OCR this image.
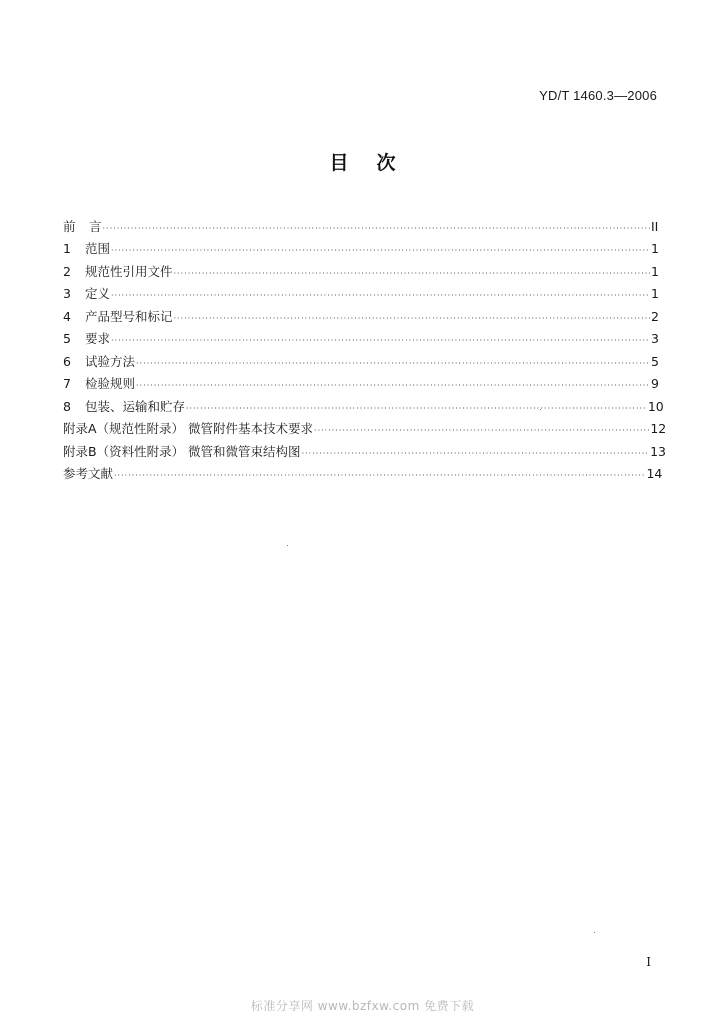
YD/T 1460.3—2006
目 次
前	言 ·····	II
1	范围 ·····	1
2	规范性引用文件 ·····	1
3	定义 ·····	1
4	产品型号和标记 ·····	2
5	要求 ·····	3
6	试验方法 ·····	5
7	检验规则 ·····	9
8	包装、运输和贮存 ·····	10
附录A（规范性附录） 微管附件基本技术要求 ·····	12
附录B（资料性附录） 微管和微管束结构图 ·····	13
参考文献 ·····	14
I
标准分享网 www.bzfxw.com 免费下载
